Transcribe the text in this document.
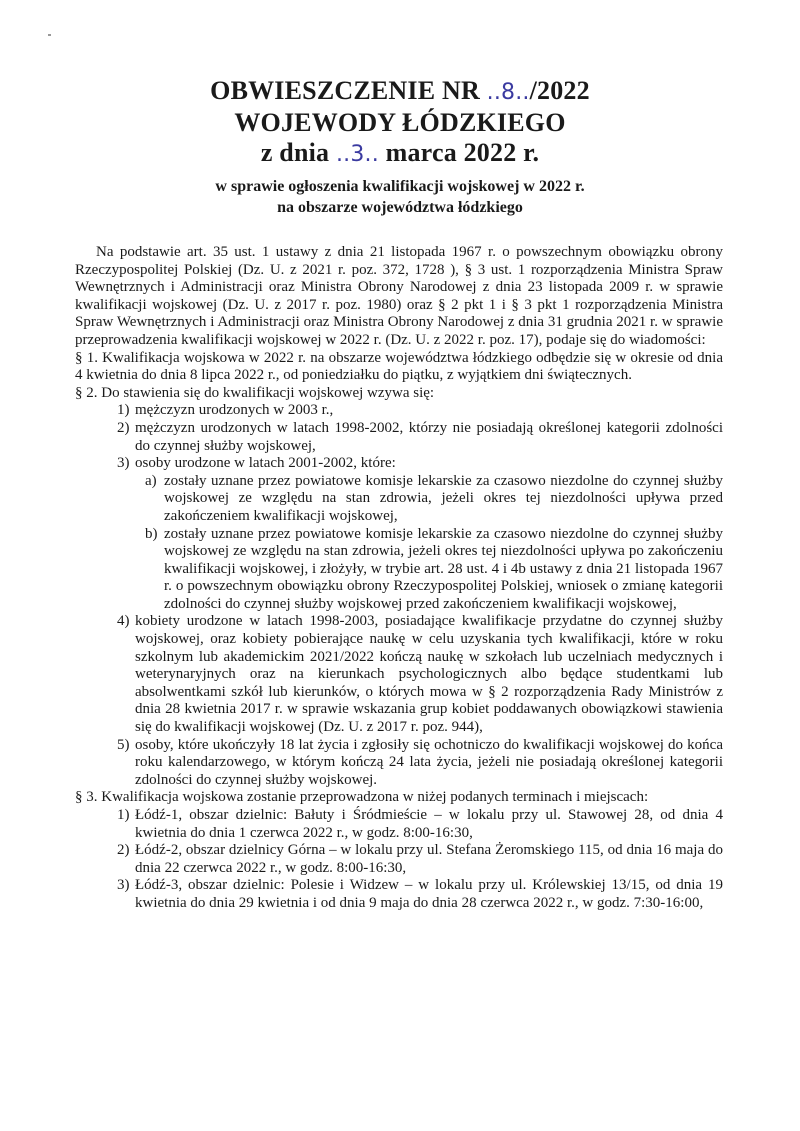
OBWIESZCZENIE NR ..8../2022
WOJEWODY ŁÓDZKIEGO
z dnia ..3.. marca 2022 r.
w sprawie ogłoszenia kwalifikacji wojskowej w 2022 r.
na obszarze województwa łódzkiego

Na podstawie art. 35 ust. 1 ustawy z dnia 21 listopada 1967 r. o powszechnym obowiązku obrony Rzeczypospolitej Polskiej (Dz. U. z 2021 r. poz. 372, 1728 ), § 3 ust. 1 rozporządzenia Ministra Spraw Wewnętrznych i Administracji oraz Ministra Obrony Narodowej z dnia 23 listopada 2009 r. w sprawie kwalifikacji wojskowej (Dz. U. z 2017 r. poz. 1980) oraz § 2 pkt 1 i § 3 pkt 1 rozporządzenia Ministra Spraw Wewnętrznych i Administracji oraz Ministra Obrony Narodowej z dnia 31 grudnia 2021 r. w sprawie przeprowadzenia kwalifikacji wojskowej w 2022 r. (Dz. U. z 2022 r. poz. 17), podaje się do wiadomości:

§ 1. Kwalifikacja wojskowa w 2022 r. na obszarze województwa łódzkiego odbędzie się w okresie od dnia 4 kwietnia do dnia 8 lipca 2022 r., od poniedziałku do piątku, z wyjątkiem dni świątecznych.

§ 2. Do stawienia się do kwalifikacji wojskowej wzywa się:

1) mężczyzn urodzonych w 2003 r.,
2) mężczyzn urodzonych w latach 1998-2002, którzy nie posiadają określonej kategorii zdolności do czynnej służby wojskowej,
3) osoby urodzone w latach 2001-2002, które:
a) zostały uznane przez powiatowe komisje lekarskie za czasowo niezdolne do czynnej służby wojskowej ze względu na stan zdrowia, jeżeli okres tej niezdolności upływa przed zakończeniem kwalifikacji wojskowej,
b) zostały uznane przez powiatowe komisje lekarskie za czasowo niezdolne do czynnej służby wojskowej ze względu na stan zdrowia, jeżeli okres tej niezdolności upływa po zakończeniu kwalifikacji wojskowej, i złożyły, w trybie art. 28 ust. 4 i 4b ustawy z dnia 21 listopada 1967 r. o powszechnym obowiązku obrony Rzeczypospolitej Polskiej, wniosek o zmianę kategorii zdolności do czynnej służby wojskowej przed zakończeniem kwalifikacji wojskowej,
4) kobiety urodzone w latach 1998-2003, posiadające kwalifikacje przydatne do czynnej służby wojskowej, oraz kobiety pobierające naukę w celu uzyskania tych kwalifikacji, które w roku szkolnym lub akademickim 2021/2022 kończą naukę w szkołach lub uczelniach medycznych i weterynaryjnych oraz na kierunkach psychologicznych albo będące studentkami lub absolwentkami szkół lub kierunków, o których mowa w § 2 rozporządzenia Rady Ministrów z dnia 28 kwietnia 2017 r. w sprawie wskazania grup kobiet poddawanych obowiązkowi stawienia się do kwalifikacji wojskowej (Dz. U. z 2017 r. poz. 944),
5) osoby, które ukończyły 18 lat życia i zgłosiły się ochotniczo do kwalifikacji wojskowej do końca roku kalendarzowego, w którym kończą 24 lata życia, jeżeli nie posiadają określonej kategorii zdolności do czynnej służby wojskowej.

§ 3. Kwalifikacja wojskowa zostanie przeprowadzona w niżej podanych terminach i miejscach:

1) Łódź-1, obszar dzielnic: Bałuty i Śródmieście – w lokalu przy ul. Stawowej 28, od dnia 4 kwietnia do dnia 1 czerwca 2022 r., w godz. 8:00-16:30,
2) Łódź-2, obszar dzielnicy Górna – w lokalu przy ul. Stefana Żeromskiego 115, od dnia 16 maja do dnia 22 czerwca 2022 r., w godz. 8:00-16:30,
3) Łódź-3, obszar dzielnic: Polesie i Widzew – w lokalu przy ul. Królewskiej 13/15, od dnia 19 kwietnia do dnia 29 kwietnia i od dnia 9 maja do dnia 28 czerwca 2022 r., w godz. 7:30-16:00,
